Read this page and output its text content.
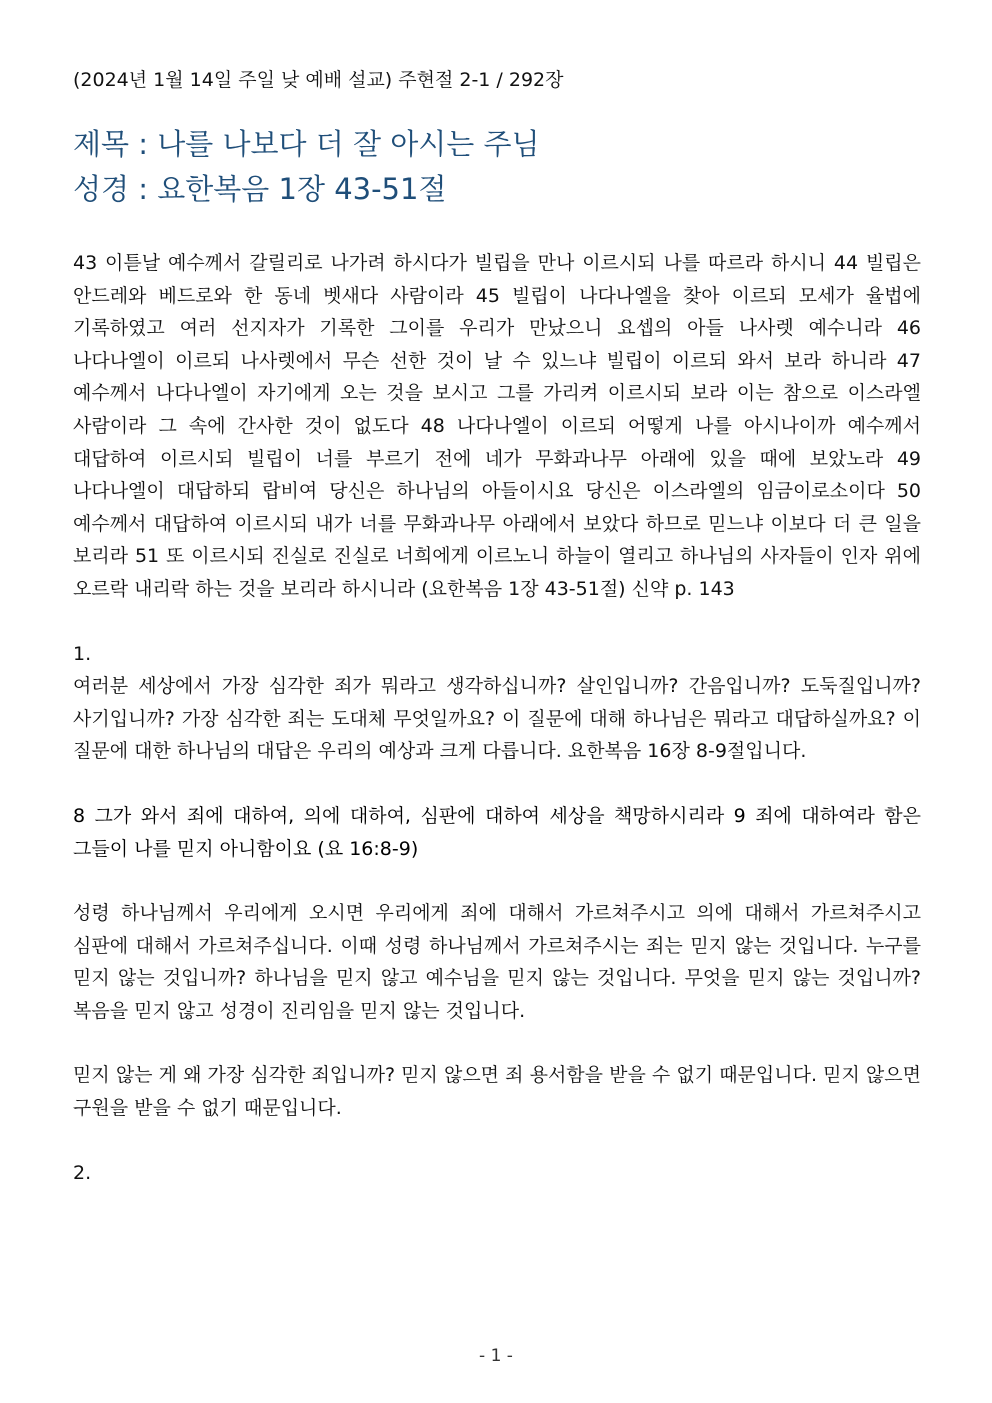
(2024년 1월 14일 주일 낮 예배 설교) 주현절 2-1 / 292장

제목 : 나를 나보다 더 잘 아시는 주님

성경 : 요한복음 1장 43-51절

43 이튿날 예수께서 갈릴리로 나가려 하시다가 빌립을 만나 이르시되 나를 따르라 하시니 44 빌립은 안드레와 베드로와 한 동네 벳새다 사람이라 45 빌립이 나다나엘을 찾아 이르되 모세가 율법에 기록하였고 여러 선지자가 기록한 그이를 우리가 만났으니 요셉의 아들 나사렛 예수니라 46 나다나엘이 이르되 나사렛에서 무슨 선한 것이 날 수 있느냐 빌립이 이르되 와서 보라 하니라 47 예수께서 나다나엘이 자기에게 오는 것을 보시고 그를 가리켜 이르시되 보라 이는 참으로 이스라엘 사람이라 그 속에 간사한 것이 없도다 48 나다나엘이 이르되 어떻게 나를 아시나이까 예수께서 대답하여 이르시되 빌립이 너를 부르기 전에 네가 무화과나무 아래에 있을 때에 보았노라 49 나다나엘이 대답하되 랍비여 당신은 하나님의 아들이시요 당신은 이스라엘의 임금이로소이다 50 예수께서 대답하여 이르시되 내가 너를 무화과나무 아래에서 보았다 하므로 믿느냐 이보다 더 큰 일을 보리라 51 또 이르시되 진실로 진실로 너희에게 이르노니 하늘이 열리고 하나님의 사자들이 인자 위에 오르락 내리락 하는 것을 보리라 하시니라 (요한복음 1장 43-51절) 신약 p. 143

1.

여러분 세상에서 가장 심각한 죄가 뭐라고 생각하십니까? 살인입니까? 간음입니까? 도둑질입니까? 사기입니까? 가장 심각한 죄는 도대체 무엇일까요? 이 질문에 대해 하나님은 뭐라고 대답하실까요? 이 질문에 대한 하나님의 대답은 우리의 예상과 크게 다릅니다. 요한복음 16장 8-9절입니다.

8 그가 와서 죄에 대하여, 의에 대하여, 심판에 대하여 세상을 책망하시리라 9 죄에 대하여라 함은 그들이 나를 믿지 아니함이요 (요 16:8-9)

성령 하나님께서 우리에게 오시면 우리에게 죄에 대해서 가르쳐주시고 의에 대해서 가르쳐주시고 심판에 대해서 가르쳐주십니다. 이때 성령 하나님께서 가르쳐주시는 죄는 믿지 않는 것입니다. 누구를 믿지 않는 것입니까? 하나님을 믿지 않고 예수님을 믿지 않는 것입니다. 무엇을 믿지 않는 것입니까? 복음을 믿지 않고 성경이 진리임을 믿지 않는 것입니다.

믿지 않는 게 왜 가장 심각한 죄입니까? 믿지 않으면 죄 용서함을 받을 수 없기 때문입니다. 믿지 않으면 구원을 받을 수 없기 때문입니다.

2.

- 1 -
